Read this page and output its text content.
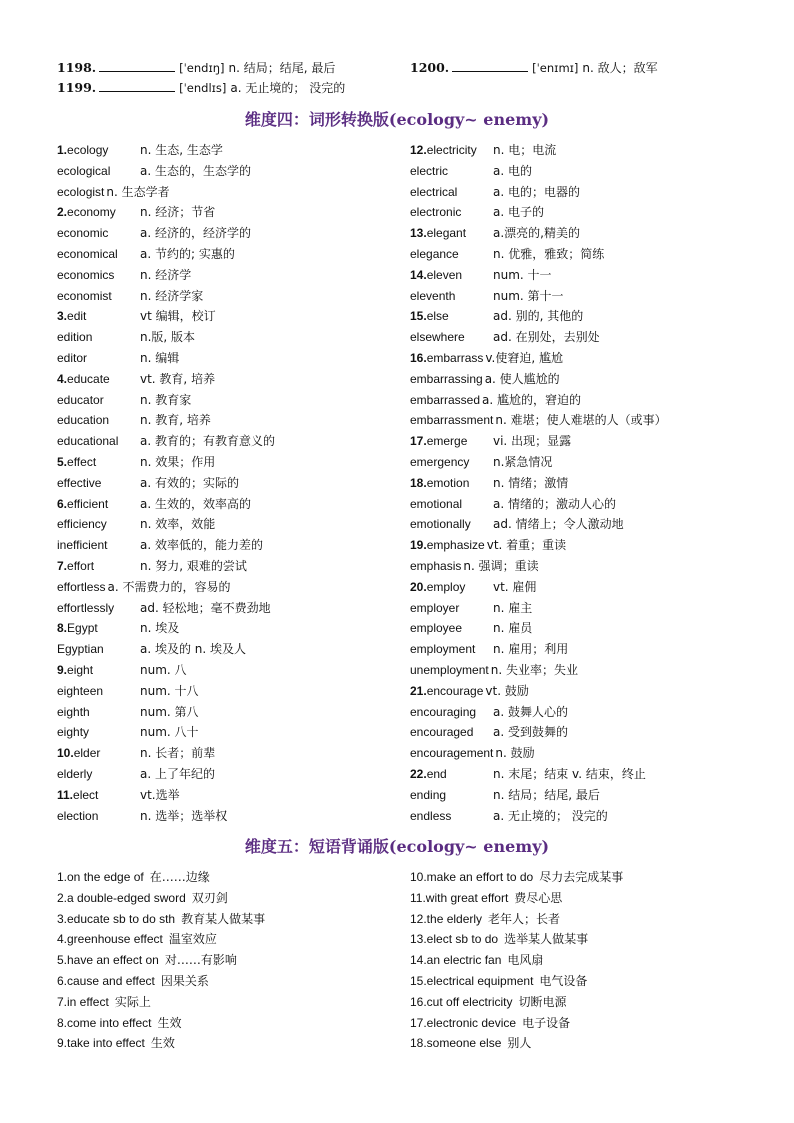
1198.	[ˈendɪŋ] n. 结局；结尾, 最后	1200.	[ˈenɪmɪ] n. 敌人；敌军
1199.	[ˈendlɪs] a. 无止境的； 没完的
维度四：词形转换版(ecology~ enemy)
1.ecology	n. 生态, 生态学
ecological a. 生态的，生态学的
ecologist n. 生态学者
2.economy n. 经济；节省
economic	a. 经济的，经济学的
economical a. 节约的; 实惠的
economics n. 经济学
economist n. 经济学家
3.edit	vt 编辑，校订
edition	n.版, 版本
editor	n. 编辑
4.educate	vt. 教育, 培养
educator	n. 教育家
education	n. 教育, 培养
educational a. 教育的；有教育意义的
5.effect	n. 效果；作用
effective	a. 有效的；实际的
6.efficient	a. 生效的，效率高的
efficiency	n. 效率，效能
inefficient	a. 效率低的，能力差的
7.effort	n. 努力, 艰难的尝试
effortless a. 不需费力的，容易的
effortlessly ad. 轻松地；毫不费劲地
8.Egypt	n. 埃及
Egyptian	a. 埃及的 n. 埃及人
9.eight	num. 八
eighteen	num. 十八
eighth	num. 第八
eighty	num. 八十
10.elder	n. 长者；前辈
elderly	a. 上了年纪的
11.elect	vt.选举
election	n. 选举；选举权
12.electricity n. 电；电流
electric	a. 电的
electrical	a. 电的；电器的
electronic	a. 电子的
13.elegant a.漂亮的,精美的
elegance	n. 优雅，雅致；简练
14.eleven	num. 十一
eleventh	num. 第十一
15.else	ad. 别的, 其他的
elsewhere ad. 在别处，去别处
16.embarrass v.使窘迫, 尴尬
embarrassing a. 使人尴尬的
embarrassed a. 尴尬的，窘迫的
embarrassment n. 难堪；使人难堪的人（或事）
17.emerge vi. 出现；显露
emergency n.紧急情况
18.emotion n. 情绪；激情
emotional	a. 情绪的；激动人心的
emotionally ad. 情绪上；令人激动地
19.emphasize vt. 着重；重读
emphasis n. 强调；重读
20.employ vt. 雇佣
employer	n. 雇主
employee	n. 雇员
employment n. 雇用；利用
unemployment n. 失业率；失业
21.encourage vt. 鼓励
encouraging a. 鼓舞人心的
encouraged a. 受到鼓舞的
encouragement n. 鼓励
22.end	n. 末尾；结束 v. 结束，终止
ending	n. 结局；结尾, 最后
endless	a. 无止境的； 没完的
维度五：短语背诵版(ecology~ enemy)
1.on the edge of 在……边缘
2.a double-edged sword 双刃剑
3.educate sb to do sth 教育某人做某事
4.greenhouse effect 温室效应
5.have an effect on 对……有影响
6.cause and effect 因果关系
7.in effect 实际上
8.come into effect 生效
9.take into effect 生效
10.make an effort to do 尽力去完成某事
11.with great effort 费尽心思
12.the elderly 老年人；长者
13.elect sb to do 选举某人做某事
14.an electric fan 电风扇
15.electrical equipment 电气设备
16.cut off electricity 切断电源
17.electronic device 电子设备
18.someone else 别人
